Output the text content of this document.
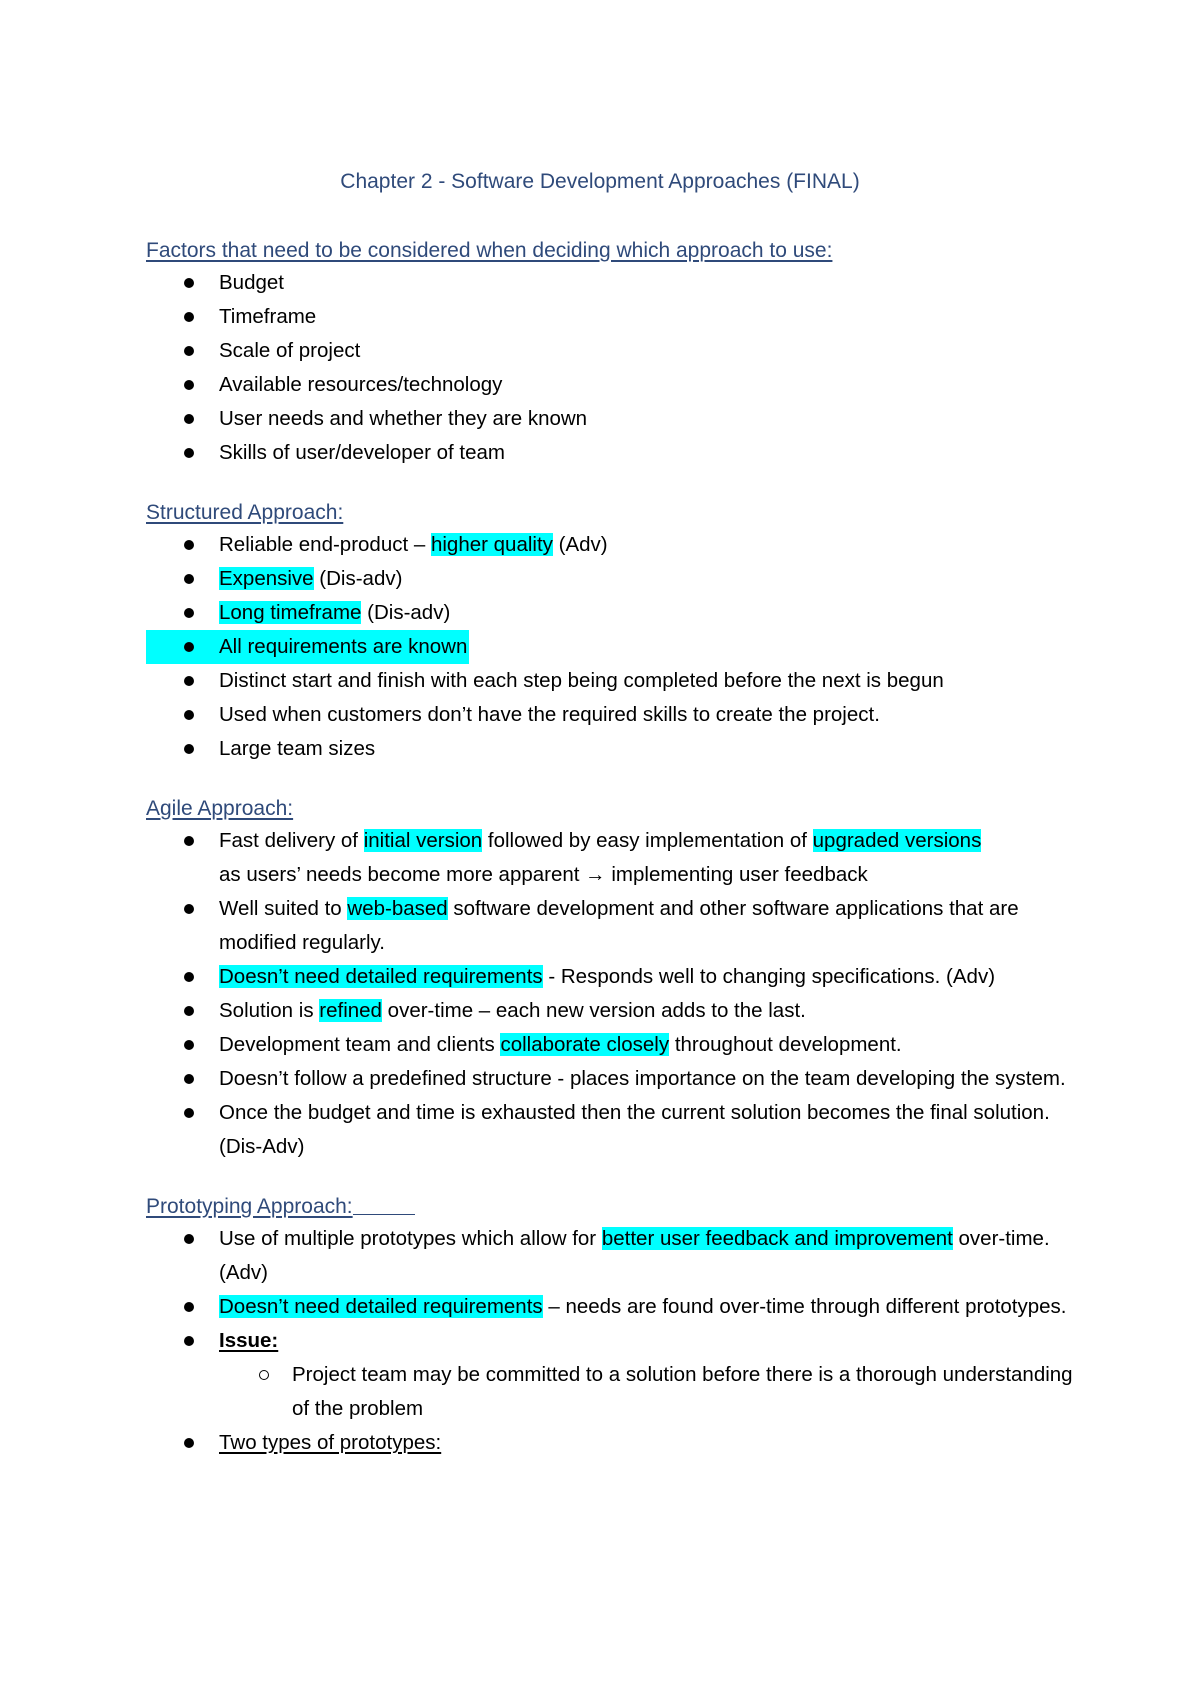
Chapter 2 - Software Development Approaches (FINAL)
Factors that need to be considered when deciding which approach to use:
Budget
Timeframe
Scale of project
Available resources/technology
User needs and whether they are known
Skills of user/developer of team
Structured Approach:
Reliable end-product – higher quality (Adv)
Expensive (Dis-adv)
Long timeframe (Dis-adv)
All requirements are known
Distinct start and finish with each step being completed before the next is begun
Used when customers don’t have the required skills to create the project.
Large team sizes
Agile Approach:
Fast delivery of initial version followed by easy implementation of upgraded versions
as users’ needs become more apparent → implementing user feedback
Well suited to web-based software development and other software applications that are modified regularly.
Doesn’t need detailed requirements - Responds well to changing specifications. (Adv)
Solution is refined over-time – each new version adds to the last.
Development team and clients collaborate closely throughout development.
Doesn’t follow a predefined structure - places importance on the team developing the system.
Once the budget and time is exhausted then the current solution becomes the final solution. (Dis-Adv)
Prototyping Approach:
Use of multiple prototypes which allow for better user feedback and improvement over-time. (Adv)
Doesn’t need detailed requirements – needs are found over-time through different prototypes.
Issue:
Project team may be committed to a solution before there is a thorough understanding of the problem
Two types of prototypes:
